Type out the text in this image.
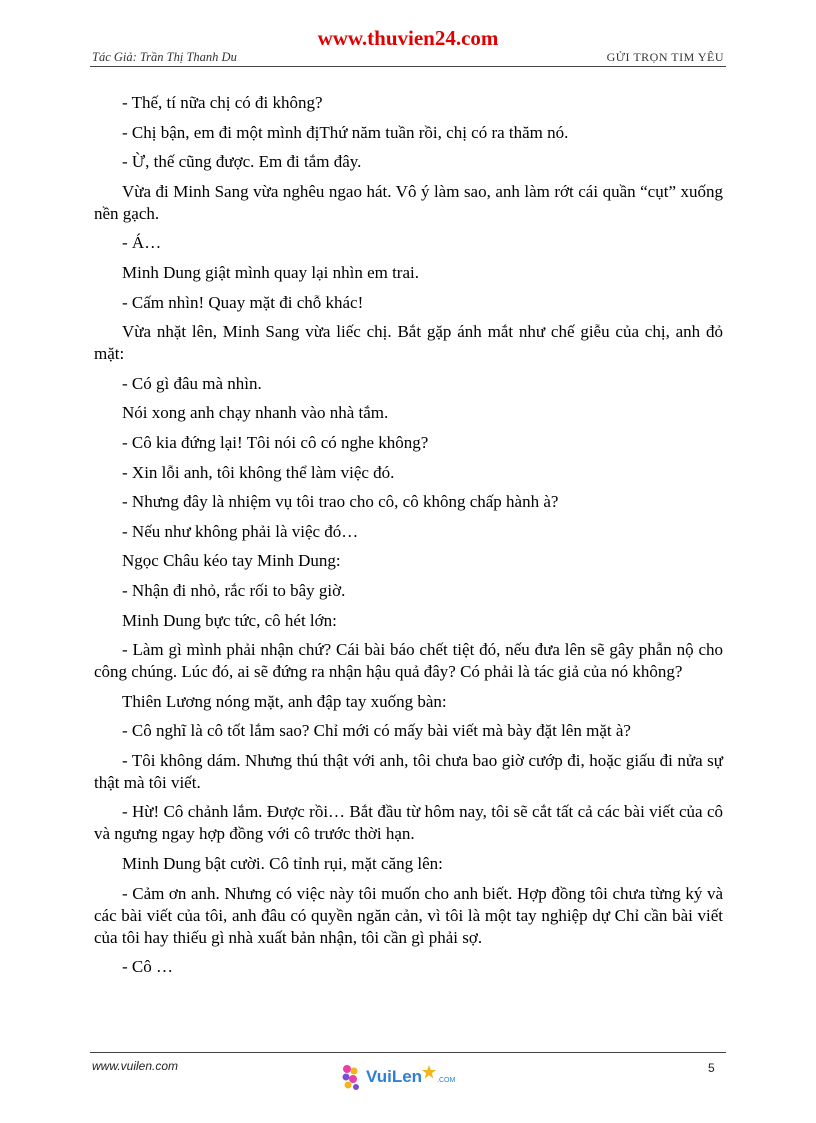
www.thuvien24.com
Tác Giả: Trần Thị Thanh Du	GỬI TRỌN TIM YÊU

- Thế, tí nữa chị có đi không?

- Chị bận, em đi một mình địThứ năm tuần rồi, chị có ra thăm nó.

- Ừ, thế cũng được. Em đi tắm đây.

Vừa đi Minh Sang vừa nghêu ngao hát. Vô ý làm sao, anh làm rớt cái quần “cụt” xuống nền gạch.

- Á…

Minh Dung giật mình quay lại nhìn em trai.

- Cấm nhìn! Quay mặt đi chỗ khác!

Vừa nhặt lên, Minh Sang vừa liếc chị. Bắt gặp ánh mắt như chế giễu của chị, anh đỏ mặt:

- Có gì đâu mà nhìn.

Nói xong anh chạy nhanh vào nhà tắm.

- Cô kia đứng lại! Tôi nói cô có nghe không?

- Xin lỗi anh, tôi không thể làm việc đó.

- Nhưng đây là nhiệm vụ tôi trao cho cô, cô không chấp hành à?

- Nếu như không phải là việc đó…

Ngọc Châu kéo tay Minh Dung:

- Nhận đi nhỏ, rắc rối to bây giờ.

Minh Dung bực tức, cô hét lớn:

- Làm gì mình phải nhận chứ? Cái bài báo chết tiệt đó, nếu đưa lên sẽ gây phẫn nộ cho công chúng. Lúc đó, ai sẽ đứng ra nhận hậu quả đây? Có phải là tác giả của nó không?

Thiên Lương nóng mặt, anh đập tay xuống bàn:

- Cô nghĩ là cô tốt lắm sao? Chỉ mới có mấy bài viết mà bày đặt lên mặt à?

- Tôi không dám. Nhưng thú thật với anh, tôi chưa bao giờ cướp đi, hoặc giấu đi nửa sự thật mà tôi viết.

- Hừ! Cô chảnh lắm. Được rồi… Bắt đầu từ hôm nay, tôi sẽ cắt tất cả các bài viết của cô và ngưng ngay hợp đồng với cô trước thời hạn.

Minh Dung bật cười. Cô tỉnh rụi, mặt căng lên:

- Cảm ơn anh. Nhưng có việc này tôi muốn cho anh biết. Hợp đồng tôi chưa từng ký và các bài viết của tôi, anh đâu có quyền ngăn cản, vì tôi là một tay nghiệp dự Chỉ cần bài viết của tôi hay thiếu gì nhà xuất bản nhận, tôi cần gì phải sợ.

- Cô …

www.vuilen.com
VuiLen .COM
5
